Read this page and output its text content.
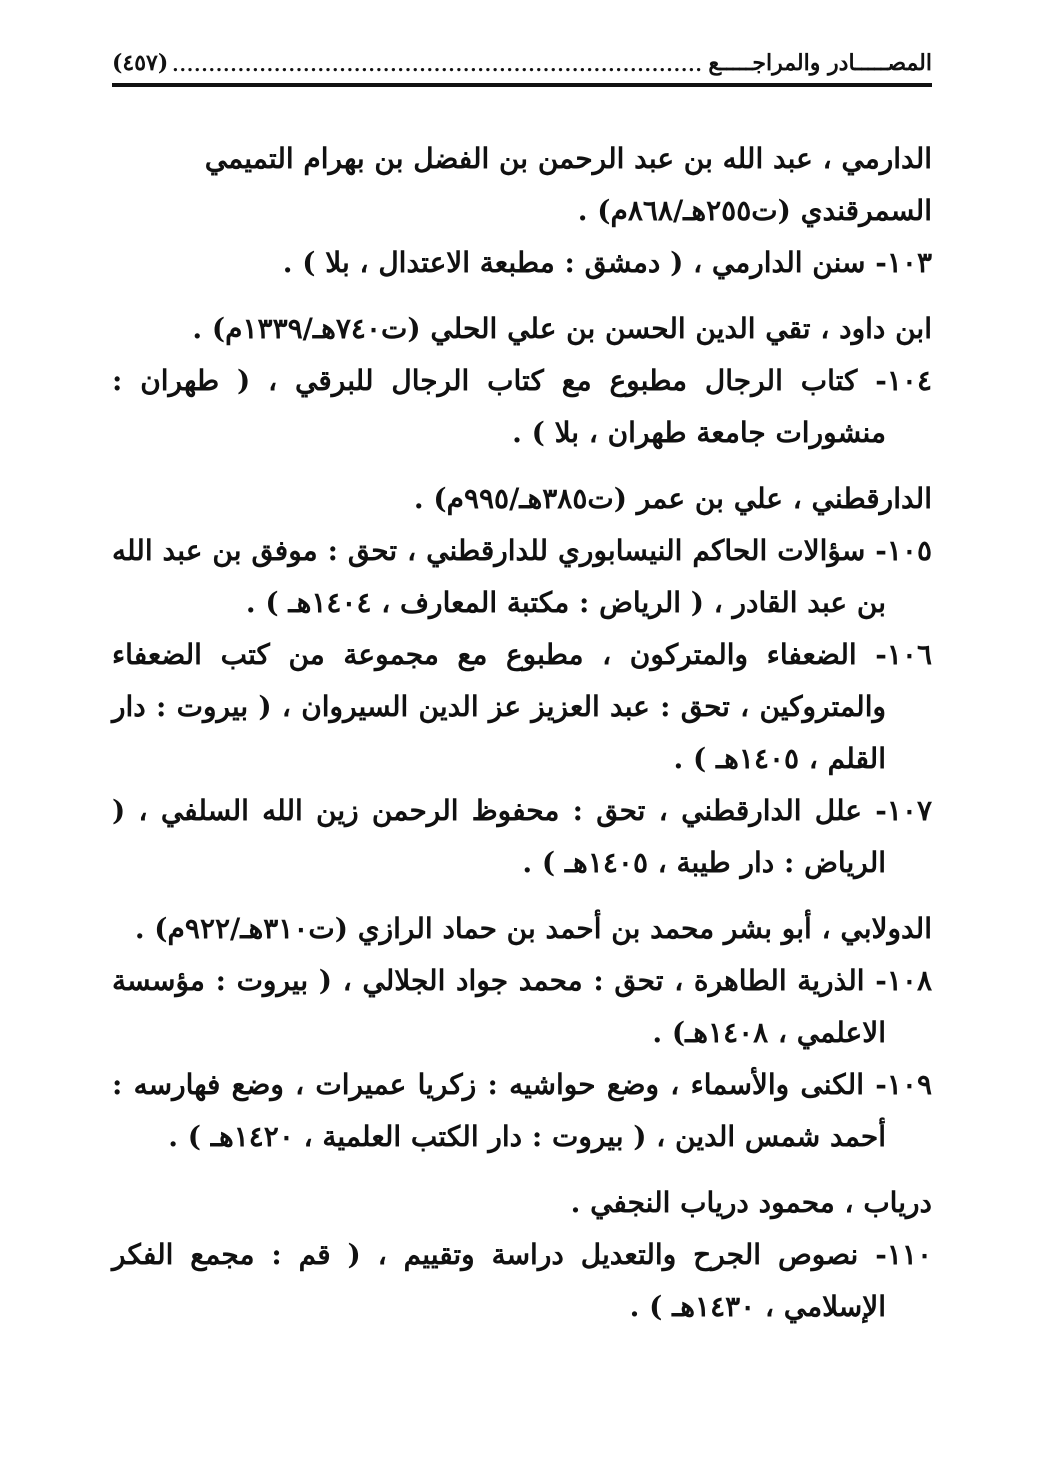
المصـــــادر والمراجـــــع
.....
(٤٥٧)

الدارمي ، عبد الله بن عبد الرحمن بن الفضل بن بهرام التميمي السمرقندي (ت٢٥٥هـ/٨٦٨م) .

١٠٣- سنن الدارمي ، ( دمشق : مطبعة الاعتدال ، بلا ) .

ابن داود ، تقي الدين الحسن بن علي الحلي (ت٧٤٠هـ/١٣٣٩م) .

١٠٤- كتاب الرجال مطبوع مع كتاب الرجال للبرقي ، ( طهران : منشورات جامعة طهران ، بلا ) .

الدارقطني ، علي بن عمر (ت٣٨٥هـ/٩٩٥م) .

١٠٥- سؤالات الحاكم النيسابوري للدارقطني ، تحق : موفق بن عبد الله بن عبد القادر ، ( الرياض : مكتبة المعارف ، ١٤٠٤هـ ) .

١٠٦- الضعفاء والمتركون ، مطبوع مع مجموعة من كتب الضعفاء والمتروكين ، تحق : عبد العزيز عز الدين السيروان ، ( بيروت : دار القلم ، ١٤٠٥هـ ) .

١٠٧- علل الدارقطني ، تحق : محفوظ الرحمن زين الله السلفي ، ( الرياض : دار طيبة ، ١٤٠٥هـ ) .

الدولابي ، أبو بشر محمد بن أحمد بن حماد الرازي (ت٣١٠هـ/٩٢٢م) .

١٠٨- الذرية الطاهرة ، تحق : محمد جواد الجلالي ، ( بيروت : مؤسسة الاعلمي ، ١٤٠٨هـ) .

١٠٩- الكنى والأسماء ، وضع حواشيه : زكريا عميرات ، وضع فهارسه : أحمد شمس الدين ، ( بيروت : دار الكتب العلمية ، ١٤٢٠هـ ) .

درياب ، محمود درياب النجفي .

١١٠- نصوص الجرح والتعديل دراسة وتقييم ، ( قم : مجمع الفكر الإسلامي ، ١٤٣٠هـ ) .
